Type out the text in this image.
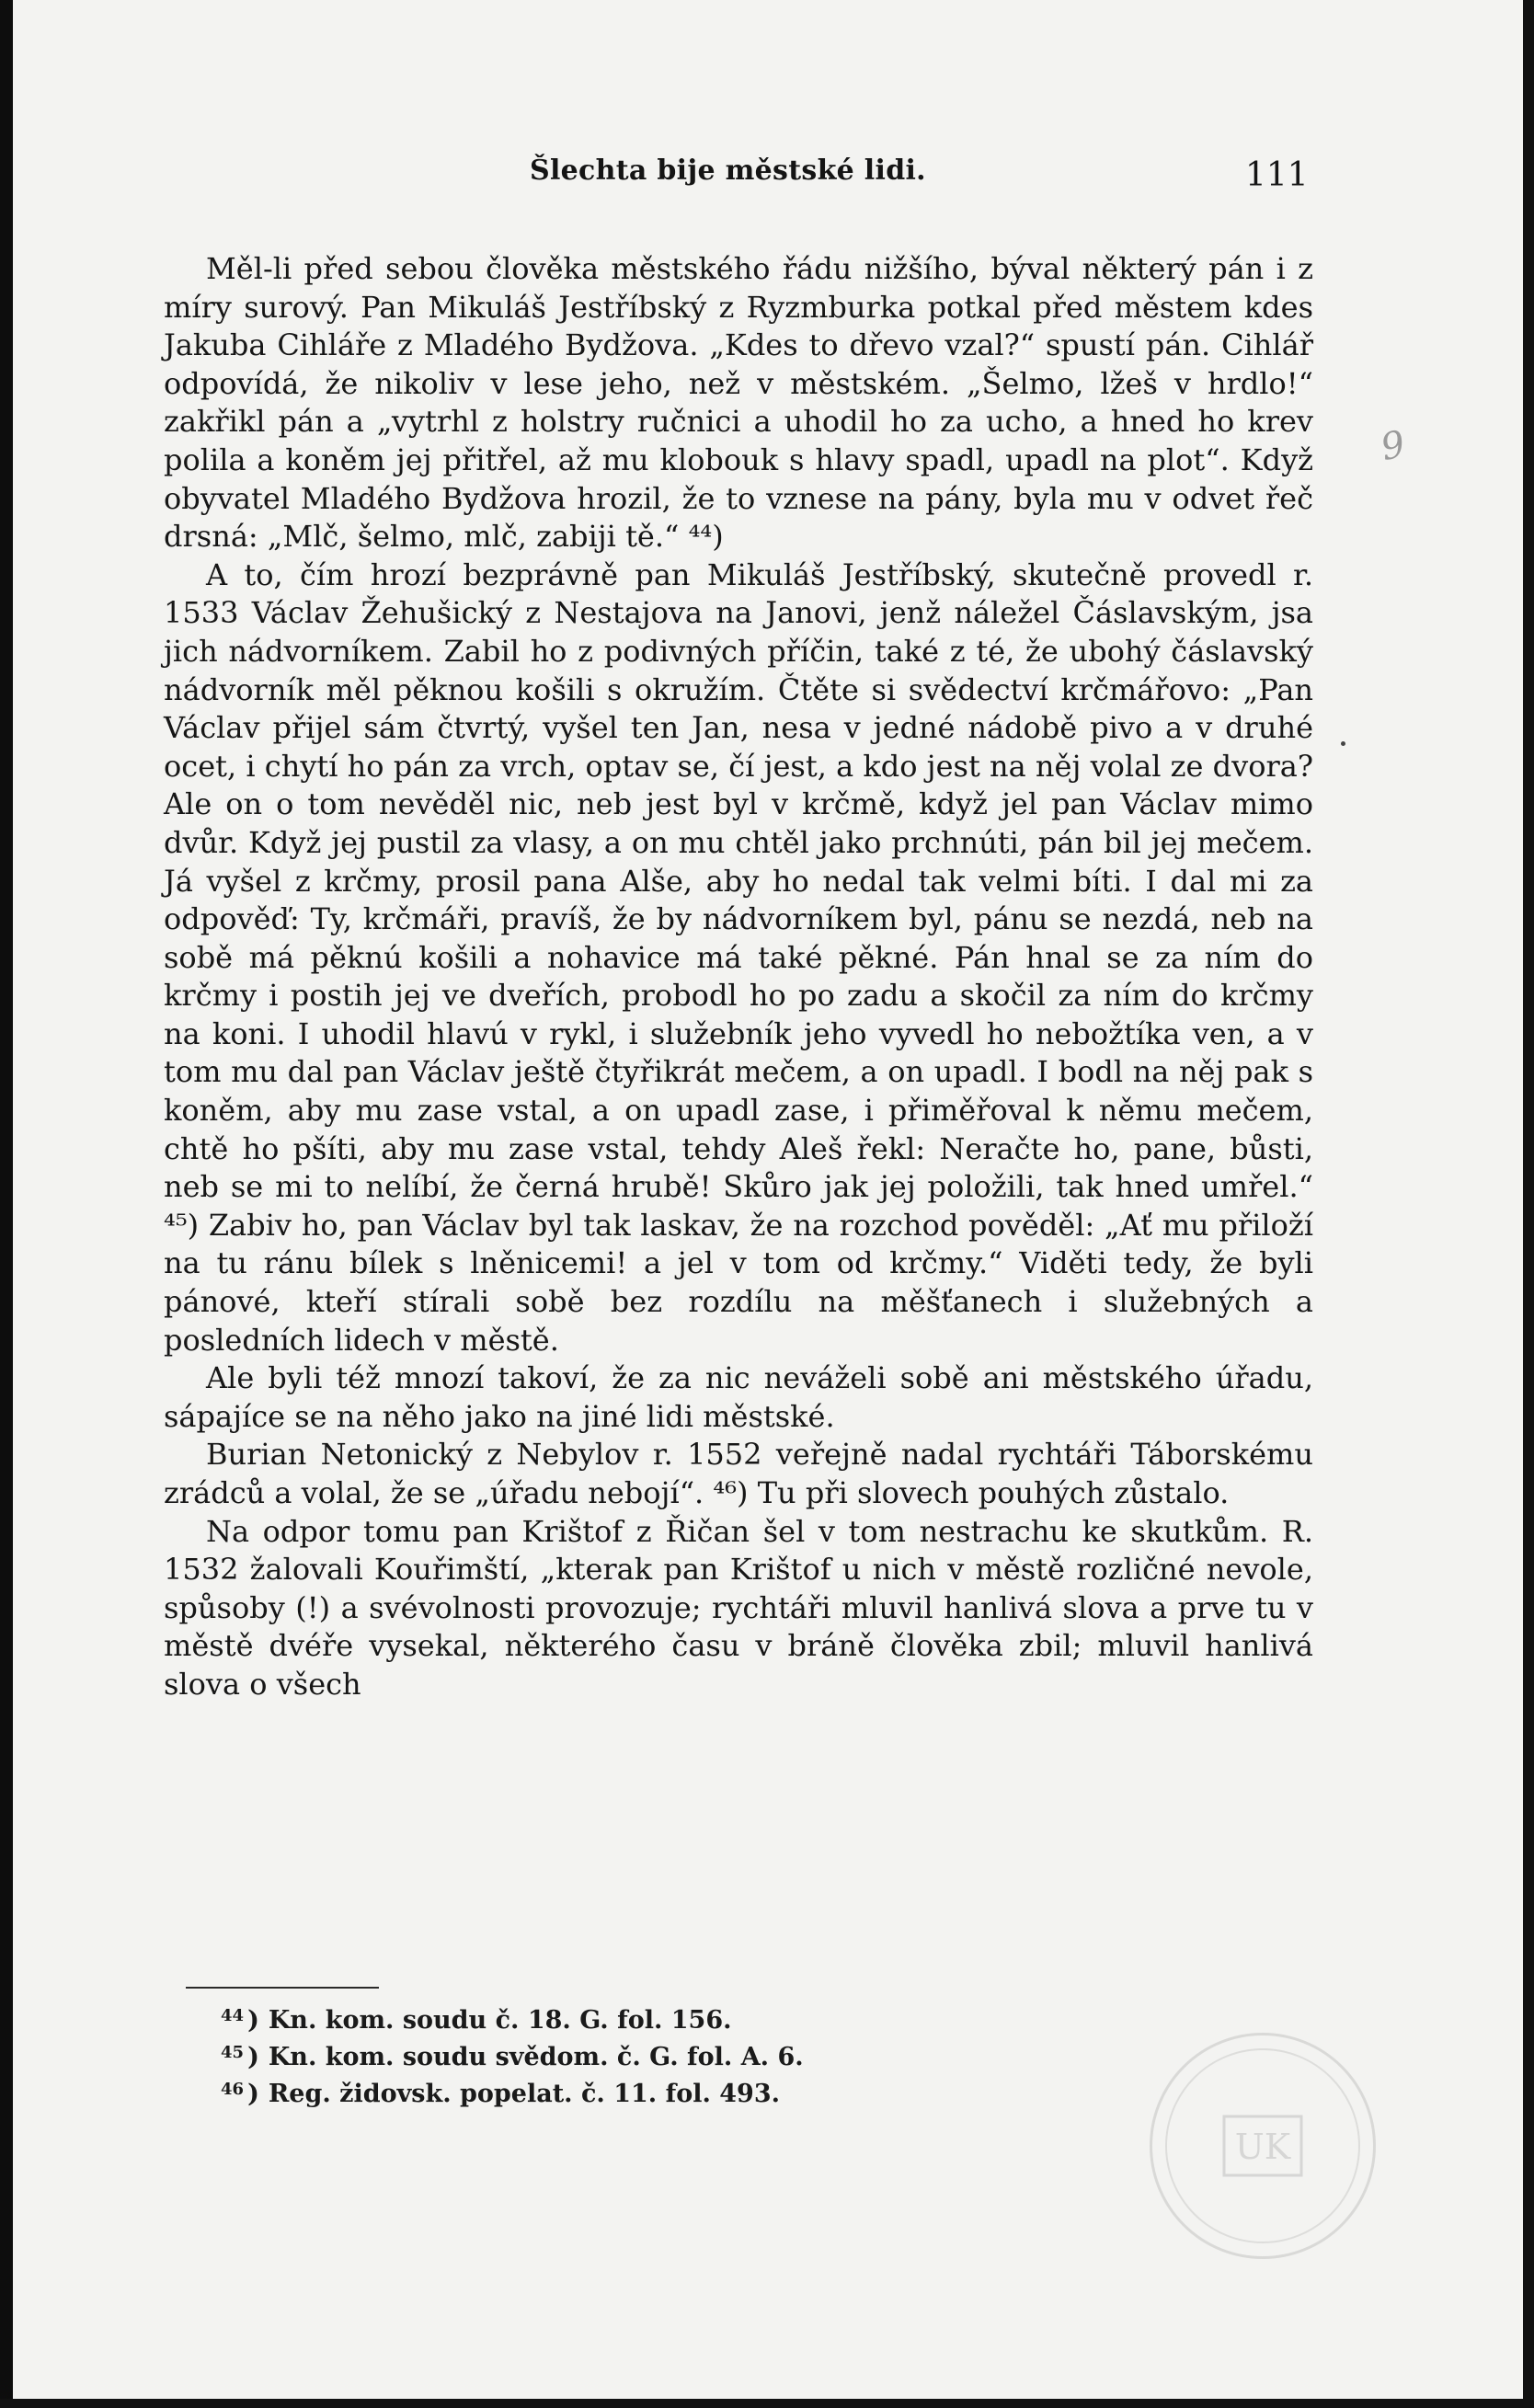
Šlechta bije městské lidi.	111

Měl-li před sebou člověka městského řádu nižšího, býval některý pán i z míry surový. Pan Mikuláš Jestříbský z Ryzmburka potkal před městem kdes Jakuba Cihláře z Mladého Bydžova. „Kdes to dřevo vzal?“ spustí pán. Cihlář odpovídá, že nikoliv v lese jeho, než v městském. „Šelmo, lžeš v hrdlo!“ zakřikl pán a „vytrhl z holstry ručnici a uhodil ho za ucho, a hned ho krev polila a koněm jej přitřel, až mu klobouk s hlavy spadl, upadl na plot“. Když obyvatel Mladého Bydžova hrozil, že to vznese na pány, byla mu v odvet řeč drsná: „Mlč, šelmo, mlč, zabiji tě.“ ⁴⁴)

A to, čím hrozí bezprávně pan Mikuláš Jestříbský, skutečně provedl r. 1533 Václav Žehušický z Nestajova na Janovi, jenž náležel Čáslavským, jsa jich nádvorníkem. Zabil ho z podivných příčin, také z té, že ubohý čáslavský nádvorník měl pěknou košili s okružím. Čtěte si svědectví krčmářovo: „Pan Václav přijel sám čtvrtý, vyšel ten Jan, nesa v jedné nádobě pivo a v druhé ocet, i chytí ho pán za vrch, optav se, čí jest, a kdo jest na něj volal ze dvora? Ale on o tom nevěděl nic, neb jest byl v krčmě, když jel pan Václav mimo dvůr. Když jej pustil za vlasy, a on mu chtěl jako prchnúti, pán bil jej mečem. Já vyšel z krčmy, prosil pana Alše, aby ho nedal tak velmi bíti. I dal mi za odpověď: Ty, krčmáři, pravíš, že by nádvorníkem byl, pánu se nezdá, neb na sobě má pěknú košili a nohavice má také pěkné. Pán hnal se za ním do krčmy i postih jej ve dveřích, probodl ho po zadu a skočil za ním do krčmy na koni. I uhodil hlavú v rykl, i služebník jeho vyvedl ho nebožtíka ven, a v tom mu dal pan Václav ještě čtyřikrát mečem, a on upadl. I bodl na něj pak s koněm, aby mu zase vstal, a on upadl zase, i přiměřoval k němu mečem, chtě ho pšíti, aby mu zase vstal, tehdy Aleš řekl: Neračte ho, pane, bůsti, neb se mi to nelíbí, že černá hrubě! Skůro jak jej položili, tak hned umřel.“ ⁴⁵) Zabiv ho, pan Václav byl tak laskav, že na rozchod pověděl: „Ať mu přiloží na tu ránu bílek s lněnicemi! a jel v tom od krčmy.“ Viděti tedy, že byli pánové, kteří stírali sobě bez rozdílu na měšťanech i služebných a posledních lidech v městě.

Ale byli též mnozí takoví, že za nic neváželi sobě ani městského úřadu, sápajíce se na něho jako na jiné lidi městské.

Burian Netonický z Nebylov r. 1552 veřejně nadal rychtáři Táborskému zrádců a volal, že se „úřadu nebojí“. ⁴⁶) Tu při slovech pouhých zůstalo.

Na odpor tomu pan Krištof z Řičan šel v tom nestrachu ke skutkům. R. 1532 žalovali Kouřimští, „kterak pan Krištof u nich v městě rozličné nevole, spůsoby (!) a svévolnosti provozuje; rychtáři mluvil hanlivá slova a prve tu v městě dvéře vysekal, některého času v bráně člověka zbil; mluvil hanlivá slova o všech

9
44 ) Kn. kom. soudu č. 18. G. fol. 156.
45 ) Kn. kom. soudu svědom. č. G. fol. A. 6.
46 ) Reg. židovsk. popelat. č. 11. fol. 493.
UK
